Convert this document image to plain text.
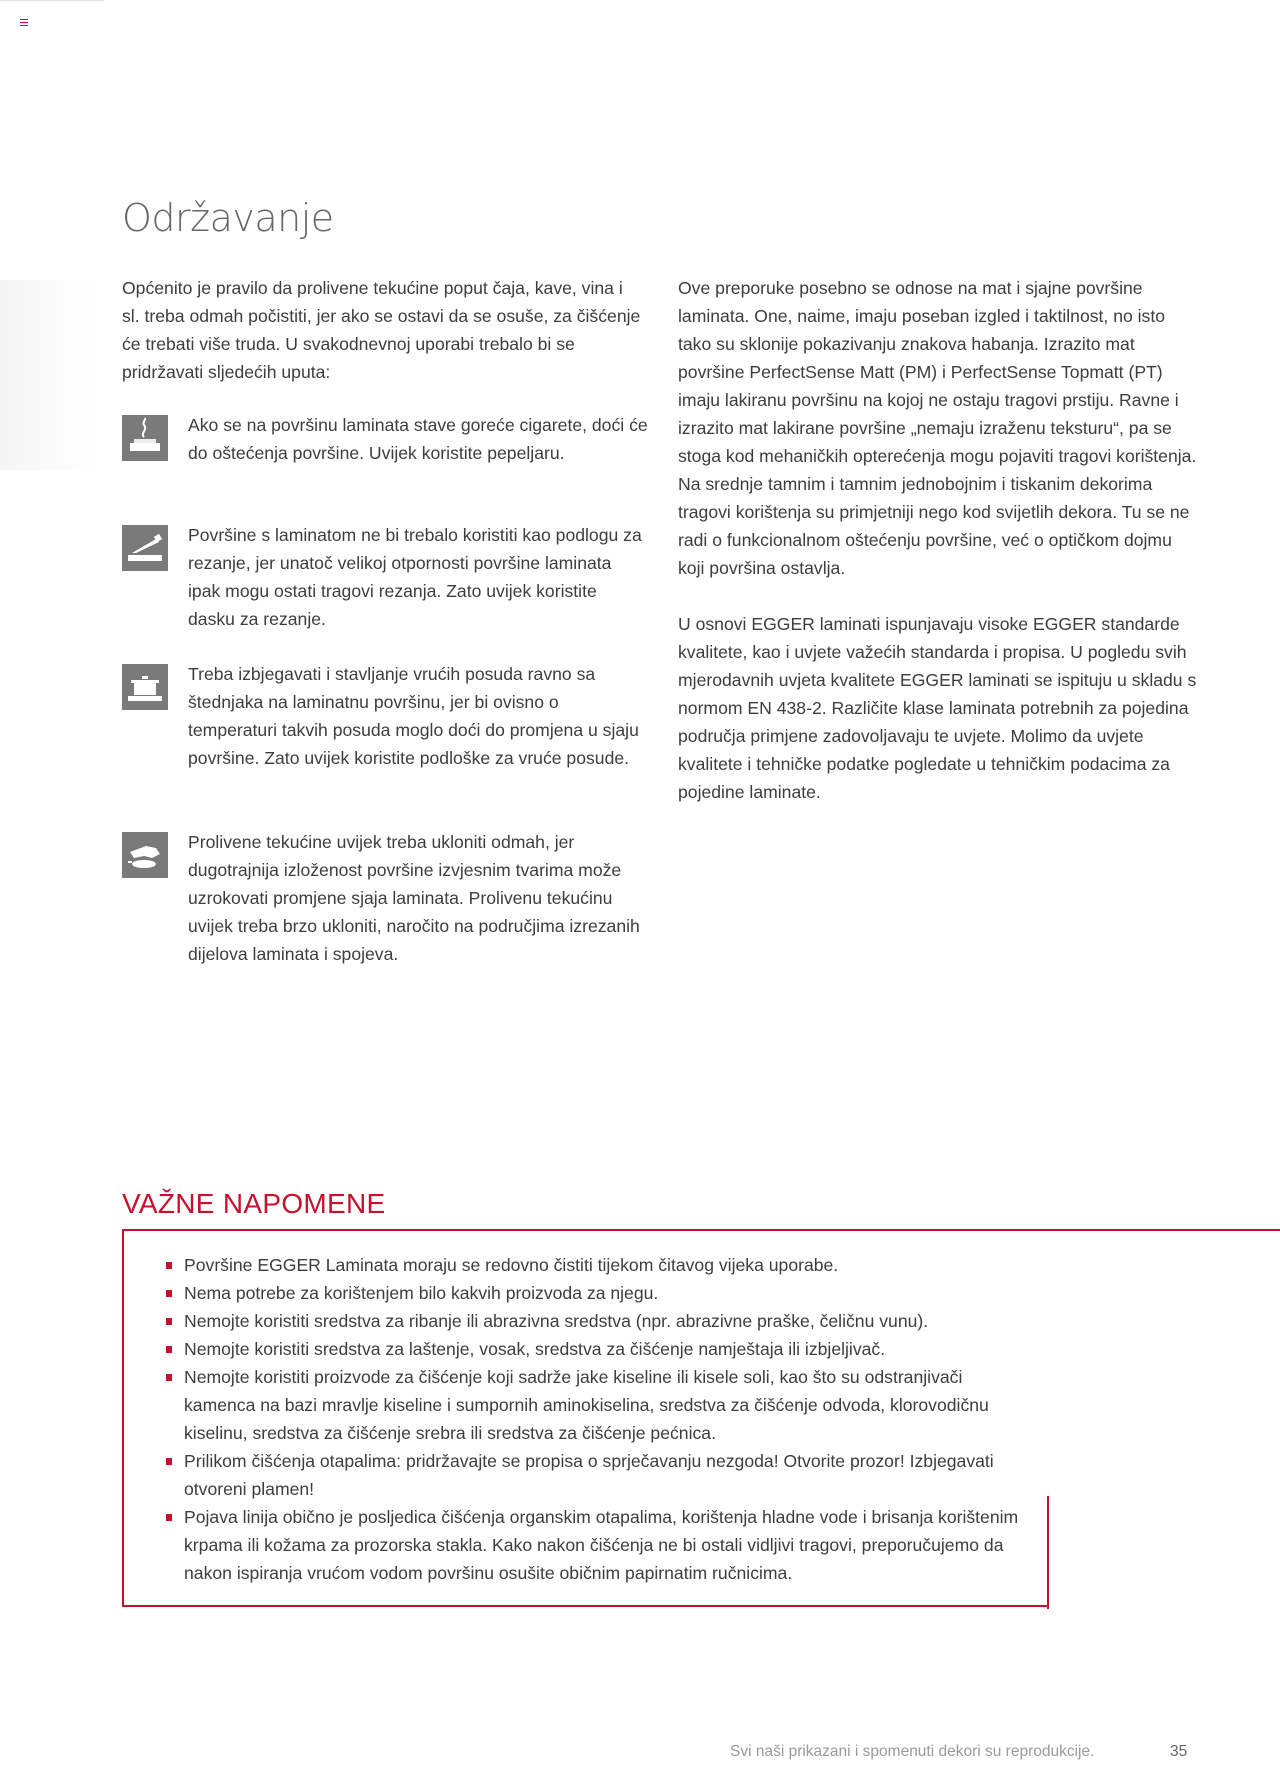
Održavanje
Općenito je pravilo da prolivene tekućine poput čaja, kave, vina i sl. treba odmah počistiti, jer ako se ostavi da se osuše, za čišćenje će trebati više truda. U svakodnevnoj uporabi trebalo bi se pridržavati sljedećih uputa:
Ako se na površinu laminata stave goreće cigarete, doći će do oštećenja površine. Uvijek koristite pepeljaru.
Površine s laminatom ne bi trebalo koristiti kao podlogu za rezanje, jer unatoč velikoj otpornosti površine laminata ipak mogu ostati tragovi rezanja. Zato uvijek koristite dasku za rezanje.
Treba izbjegavati i stavljanje vrućih posuda ravno sa štednjaka na laminatnu površinu, jer bi ovisno o temperaturi takvih posuda moglo doći do promjena u sjaju površine. Zato uvijek koristite podloške za vruće posude.
Prolivene tekućine uvijek treba ukloniti odmah, jer dugotrajnija izloženost površine izvjesnim tvarima može uzrokovati promjene sjaja laminata. Prolivenu tekućinu uvijek treba brzo ukloniti, naročito na područjima izrezanih dijelova laminata i spojeva.

Ove preporuke posebno se odnose na mat i sjajne površine laminata. One, naime, imaju poseban izgled i taktilnost, no isto tako su sklonije pokazivanju znakova habanja. Izrazito mat površine PerfectSense Matt (PM) i PerfectSense Topmatt (PT) imaju lakiranu površinu na kojoj ne ostaju tragovi prstiju. Ravne i izrazito mat lakirane površine „nemaju izraženu teksturu“, pa se stoga kod mehaničkih opterećenja mogu pojaviti tragovi korištenja. Na srednje tamnim i tamnim jednobojnim i tiskanim dekorima tragovi korištenja su primjetniji nego kod svijetlih dekora. Tu se ne radi o funkcionalnom oštećenju površine, već o optičkom dojmu koji površina ostavlja.

U osnovi EGGER laminati ispunjavaju visoke EGGER standarde kvalitete, kao i uvjete važećih standarda i propisa. U pogledu svih mjerodavnih uvjeta kvalitete EGGER laminati se ispituju u skladu s normom EN 438-2. Različite klase laminata potrebnih za pojedina područja primjene zadovoljavaju te uvjete. Molimo da uvjete kvalitete i tehničke podatke pogledate u tehničkim podacima za pojedine laminate.

VAŽNE NAPOMENE
Površine EGGER Laminata moraju se redovno čistiti tijekom čitavog vijeka uporabe.
Nema potrebe za korištenjem bilo kakvih proizvoda za njegu.
Nemojte koristiti sredstva za ribanje ili abrazivna sredstva (npr. abrazivne praške, čeličnu vunu).
Nemojte koristiti sredstva za laštenje, vosak, sredstva za čišćenje namještaja ili izbjeljivač.
Nemojte koristiti proizvode za čišćenje koji sadrže jake kiseline ili kisele soli, kao što su odstranjivači kamenca na bazi mravlje kiseline i sumpornih aminokiselina, sredstva za čišćenje odvoda, klorovodičnu kiselinu, sredstva za čišćenje srebra ili sredstva za čišćenje pećnica.
Prilikom čišćenja otapalima: pridržavajte se propisa o sprječavanju nezgoda! Otvorite prozor! Izbjegavati otvoreni plamen!
Pojava linija obično je posljedica čišćenja organskim otapalima, korištenja hladne vode i brisanja korištenim krpama ili kožama za prozorska stakla. Kako nakon čišćenja ne bi ostali vidljivi tragovi, preporučujemo da nakon ispiranja vrućom vodom površinu osušite običnim papirnatim ručnicima.
Svi naši prikazani i spomenuti dekori su reprodukcije.	35
